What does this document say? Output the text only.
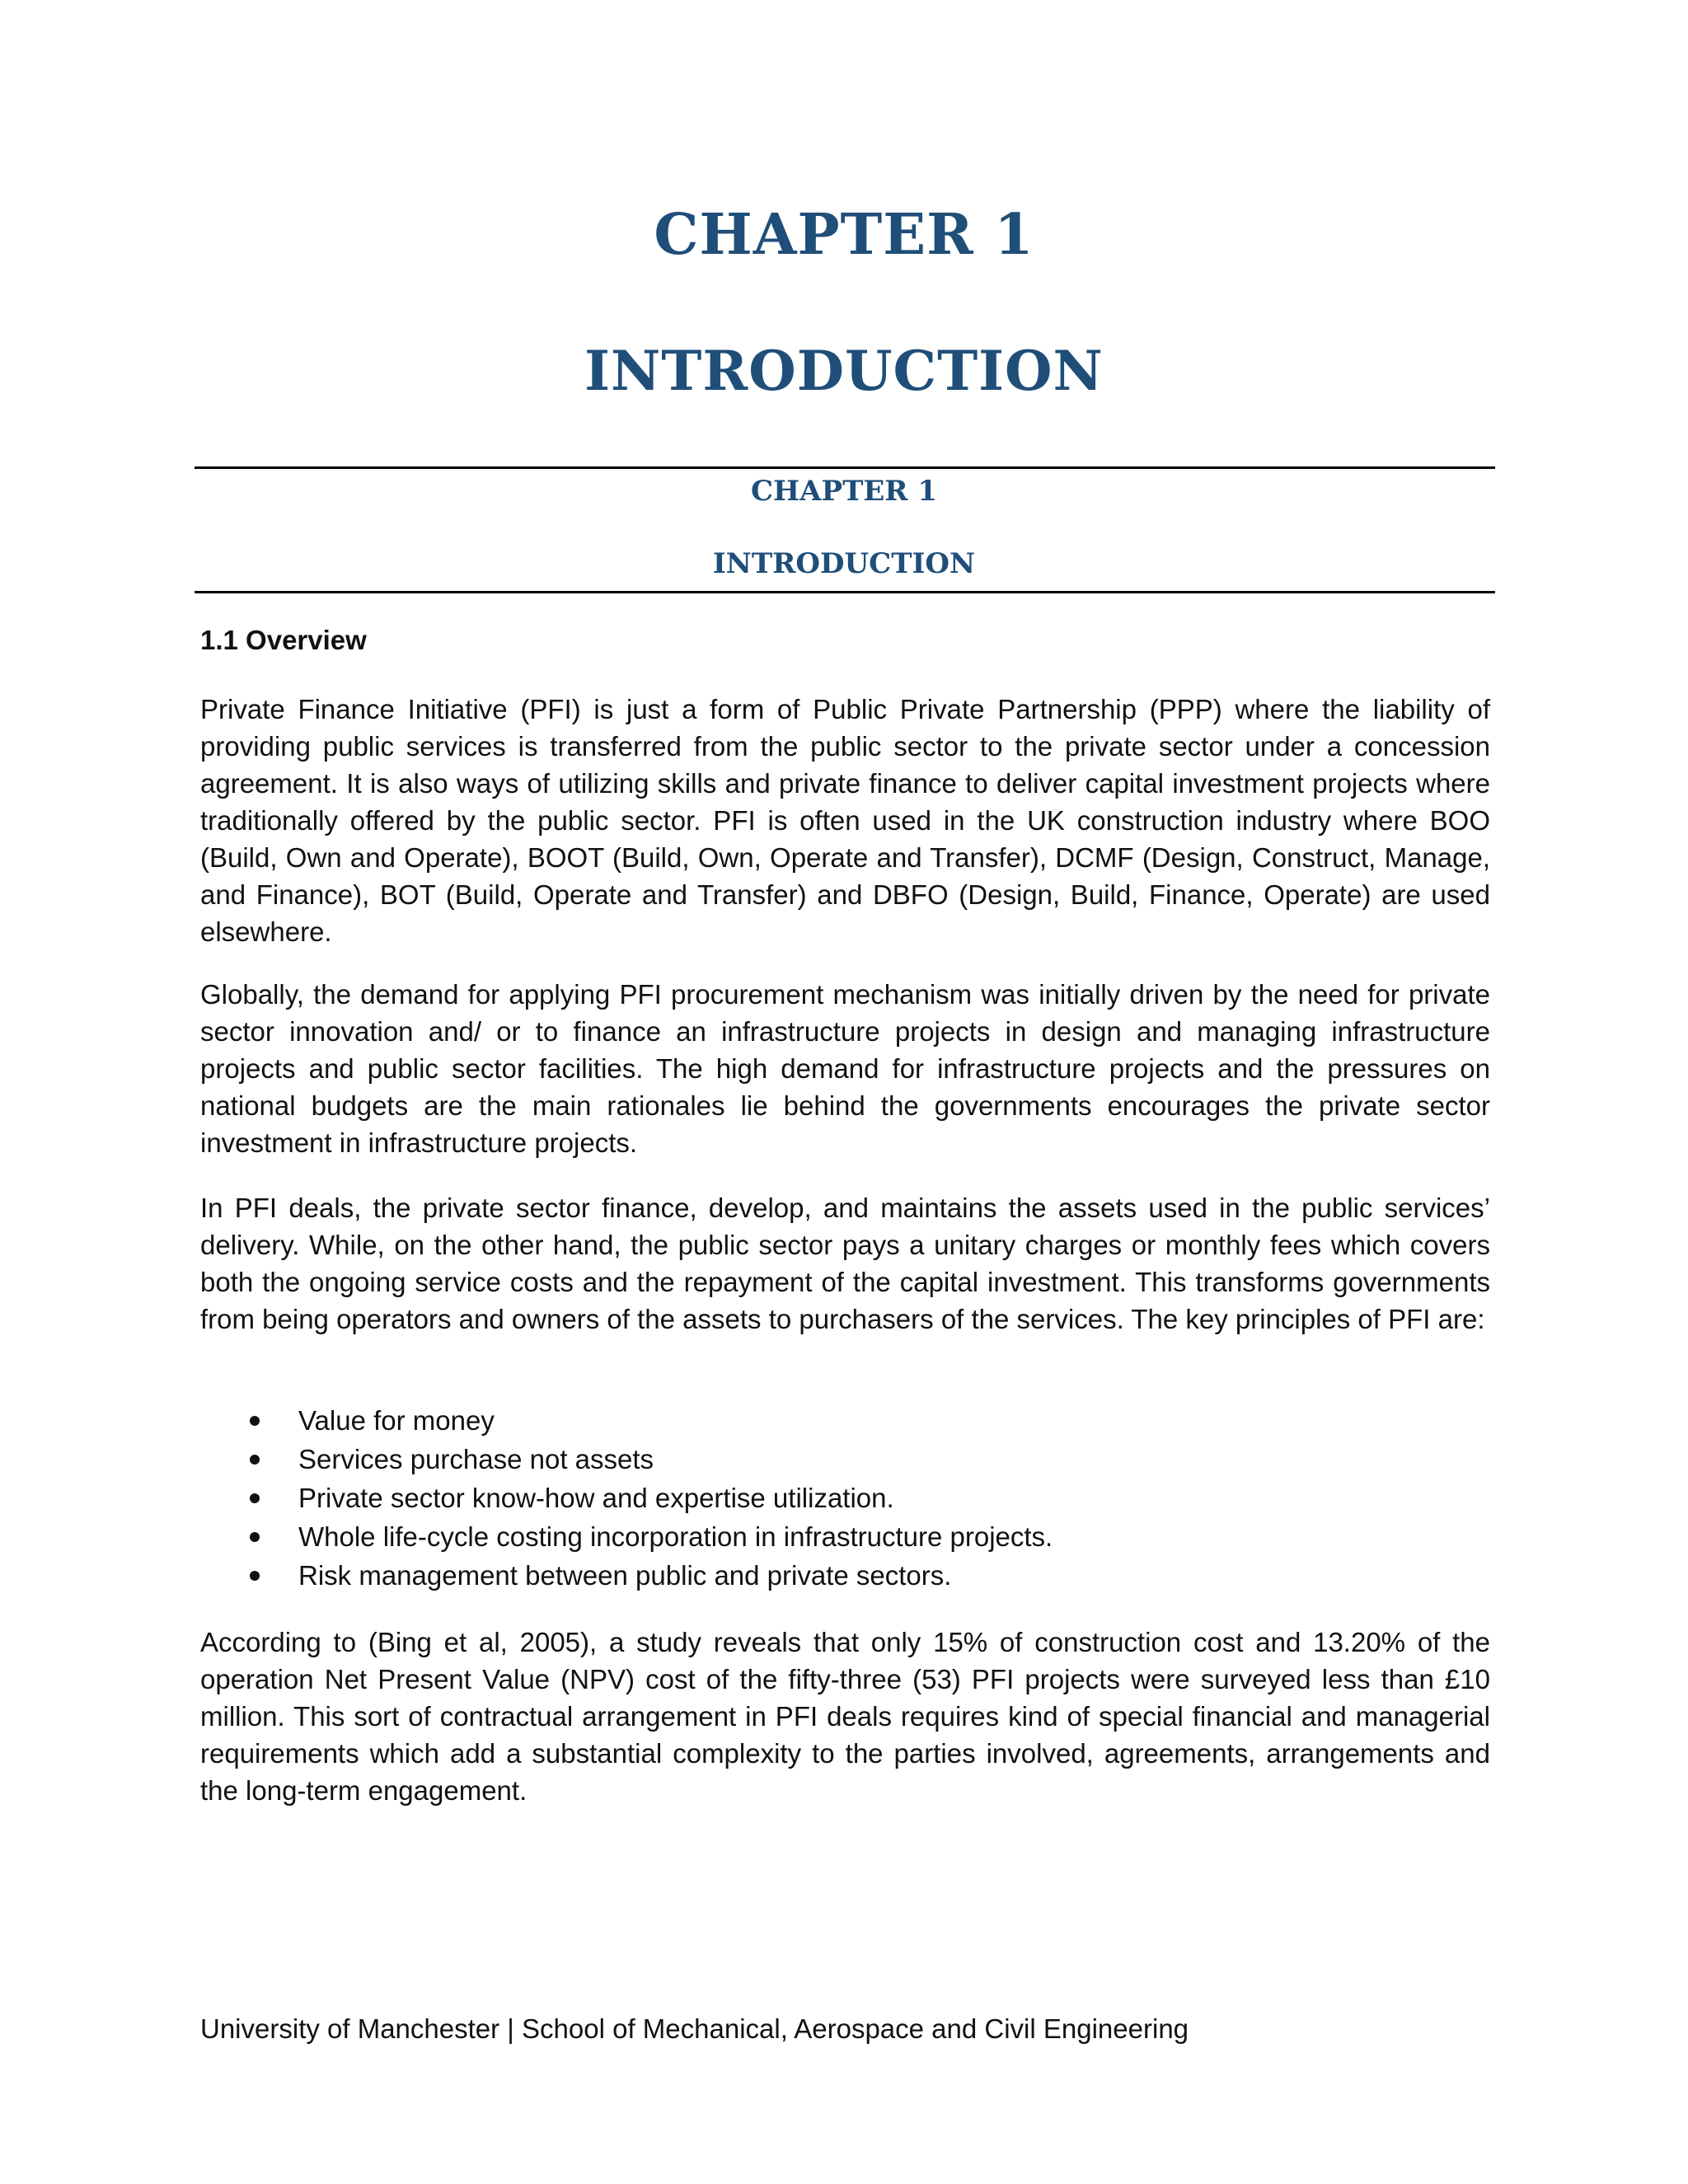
CHAPTER 1
INTRODUCTION
CHAPTER 1
INTRODUCTION
1.1 Overview

Private Finance Initiative (PFI) is just a form of Public Private Partnership (PPP) where the liability of providing public services is transferred from the public sector to the private sector under a concession agreement. It is also ways of utilizing skills and private finance to deliver capital investment projects where traditionally offered by the public sector. PFI is often used in the UK construction industry where BOO (Build, Own and Operate), BOOT (Build, Own, Operate and Transfer), DCMF (Design, Construct, Manage, and Finance), BOT (Build, Operate and Transfer) and DBFO (Design, Build, Finance, Operate) are used elsewhere.

Globally, the demand for applying PFI procurement mechanism was initially driven by the need for private sector innovation and/ or to finance an infrastructure projects in design and managing infrastructure projects and public sector facilities. The high demand for infrastructure projects and the pressures on national budgets are the main rationales lie behind the governments encourages the private sector investment in infrastructure projects.

In PFI deals, the private sector finance, develop, and maintains the assets used in the public services’ delivery. While, on the other hand, the public sector pays a unitary charges or monthly fees which covers both the ongoing service costs and the repayment of the capital investment. This transforms governments from being operators and owners of the assets to purchasers of the services. The key principles of PFI are:

Value for money
Services purchase not assets
Private sector know-how and expertise utilization.
Whole life-cycle costing incorporation in infrastructure projects.
Risk management between public and private sectors.

According to (Bing et al, 2005), a study reveals that only 15% of construction cost and 13.20% of the operation Net Present Value (NPV) cost of the fifty-three (53) PFI projects were surveyed less than £10 million. This sort of contractual arrangement in PFI deals requires kind of special financial and managerial requirements which add a substantial complexity to the parties involved, agreements, arrangements and the long-term engagement.

University of Manchester | School of Mechanical, Aerospace and Civil Engineering
